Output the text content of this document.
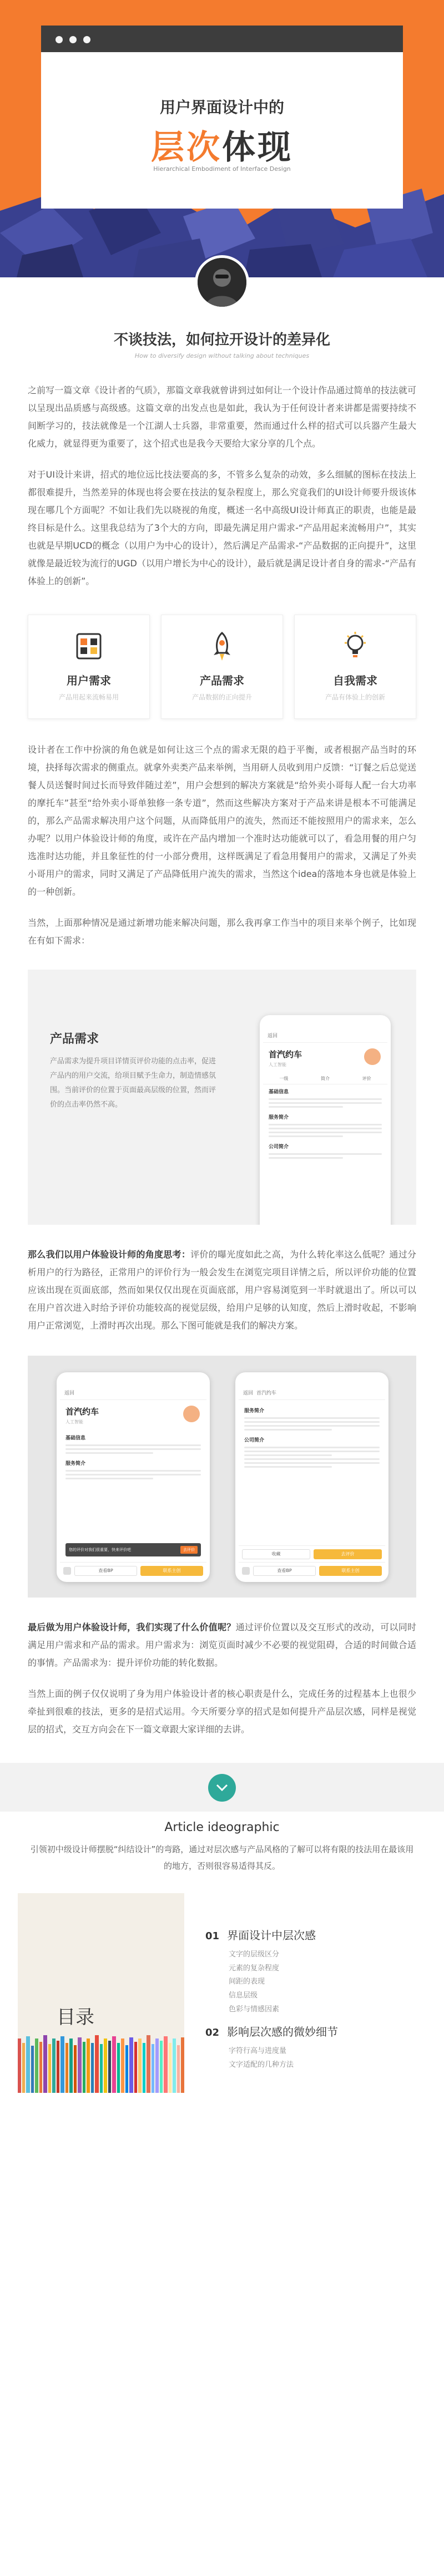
用户界面设计中的
层次体现
Hierarchical Embodiment of Interface Design
不谈技法，如何拉开设计的差异化
How to diversify design without talking about techniques

之前写一篇文章《设计者的气质》，那篇文章我就曾讲到过如何让一个设计作品通过简单的技法就可以呈现出品质感与高级感。这篇文章的出发点也是如此，我认为于任何设计者来讲都是需要持续不间断学习的，技法就像是一个江湖人士兵器，非常重要，然而通过什么样的招式可以兵器产生最大化威力，就显得更为重要了，这个招式也是我今天要给大家分享的几个点。

对于UI设计来讲，招式的地位远比技法要高的多，不管多么复杂的动效，多么细腻的图标在技法上都很难提升，当然差异的体现也将会要在技法的复杂程度上，那么究竟我们的UI设计师要升级该体现在哪几个方面呢？不如让我们先以晓视的角度，概述一名中高级UI设计师真正的职责，也能是最终目标是什么。这里我总结为了3个大的方向，即最先满足用户需求-“产品用起来流畅用户”，其实也就是早期UCD的概念（以用户为中心的设计），然后满足产品需求-“产品数据的正向提升”，这里就像是最近较为流行的UGD（以用户增长为中心的设计），最后就是满足设计者自身的需求-“产品有体验上的创新”。

用户需求
产品用起来流畅易用
产品需求
产品数据的正向提升
自我需求
产品有体验上的创新

设计者在工作中扮演的角色就是如何让这三个点的需求无限的趋于平衡，或者根据产品当时的环境，抉择每次需求的侧重点。就拿外卖类产品来举例，当用研人员收到用户反馈：“订餐之后总觉送餐人员送餐时间过长而导致伴随过差”，用户会想到的解决方案就是“给外卖小哥每人配一台大功率的摩托车”甚至“给外卖小哥单独修一条专道”，然而这些解决方案对于产品来讲是根本不可能满足的，那么产品需求解决用户这个问题，从而降低用户的流失，然而还不能按照用户的需求来，怎么办呢？以用户体验设计师的角度，或许在产品内增加一个准时达功能就可以了，看急用餐的用户匀选准时达功能，并且象征性的付一小部分费用，这样既满足了看急用餐用户的需求，又满足了外卖小哥用户的需求，同时又满足了产品降低用户流失的需求，当然这个idea的落地本身也就是体验上的一种创新。

当然，上面那种情况是通过新增功能来解决问题，那么我再拿工作当中的项目来举个例子，比如现在有如下需求：

产品需求
产品需求为提升项目详情页评价功能的点击率，促进产品内的用户交流，给项目赋予生命力，制造情感氛围。当前评价的位置于页面最高层级的位置，然而评价的点击率仍然不高。
返回
首汽约车
人工智能
一级	简介	评价
基础信息
服务简介
公司简介

那么我们以用户体验设计师的角度思考：评价的曝光度如此之高，为什么转化率这么低呢？通过分析用户的行为路径，正常用户的评价行为一般会发生在浏览完项目详情之后，所以评价功能的位置应该出现在页面底部，然而如果仅仅出现在页面底部，用户容易浏览到一半时就退出了。所以可以在用户首次进入时给予评价功能较高的视觉层级，给用户足够的认知度，然后上滑时收起，不影响用户正常浏览，上滑时再次出现。那么下图可能就是我们的解决方案。

返回
首汽约车
人工智能
基础信息
服务简介
您的评价对我们很重要，快来评价吧	去评价
查看BP	联系主创
返回 首汽约车
服务简介
公司简介
收藏	去评价
查看BP	联系主创

最后做为用户体验设计师，我们实现了什么价值呢？通过评价位置以及交互形式的改动，可以同时满足用户需求和产品的需求。用户需求为：浏览页面时减少不必要的视觉阻碍，合适的时间做合适的事情。产品需求为：提升评价功能的转化数据。

当然上面的例子仅仅说明了身为用户体验设计者的核心职责是什么，完成任务的过程基本上也很少牵扯到很难的技法，更多的是招式运用。今天所要分享的招式是如何提升产品层次感，同样是视觉层的招式，交互方向会在下一篇文章跟大家详细的去讲。

Article ideographic

引领初中级设计师摆脱“纠结设计”的弯路，通过对层次感与产品风格的了解可以将有限的技法用在最该用的地方，否则很容易适得其反。

目录
01 界面设计中层次感
文字的层级区分
元素的复杂程度
间距的表现
信息层级
色彩与情感因素
02 影响层次感的微妙细节
字符行高与进度量
文字适配的几种方法
